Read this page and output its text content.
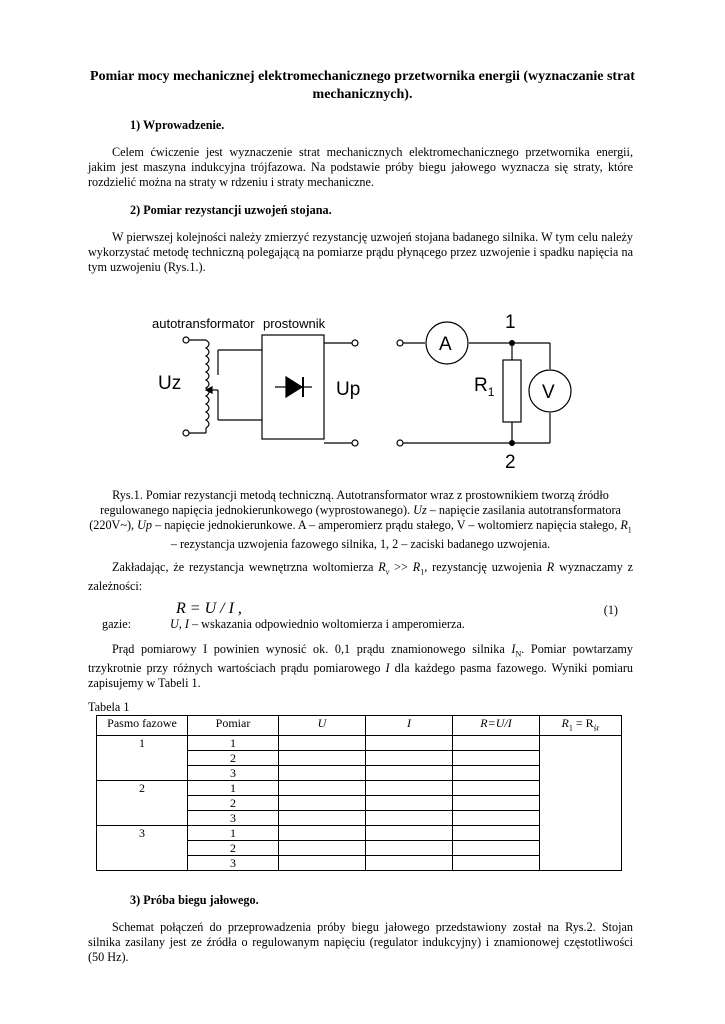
Pomiar mocy mechanicznej elektromechanicznego przetwornika energii (wyznaczanie strat mechanicznych).
1) Wprowadzenie.
Celem ćwiczenie jest wyznaczenie strat mechanicznych elektromechanicznego przetwornika energii, jakim jest maszyna indukcyjna trójfazowa. Na podstawie próby biegu jałowego wyznacza się straty, które rozdzielić można na straty w rdzeniu i straty mechaniczne.
2) Pomiar rezystancji uzwojeń stojana.
W pierwszej kolejności należy zmierzyć rezystancję uzwojeń stojana badanego silnika. W tym celu należy wykorzystać metodę techniczną polegającą na pomiarze prądu płynącego przez uzwojenie i spadku napięcia na tym uzwojeniu (Rys.1.).
autotransformator prostownik
Uz	Up
A
V
$R_1$
1
2
Rys.1. Pomiar rezystancji metodą techniczną. Autotransformator wraz z prostownikiem tworzą źródło
regulowanego napięcia jednokierunkowego (wyprostowanego). Uz – napięcie zasilania autotransformatora
(220V~), Up – napięcie jednokierunkowe. A – amperomierz prądu stałego, V – woltomierz napięcia stałego, $R_1$
– rezystancja uzwojenia fazowego silnika, 1, 2 – zaciski badanego uzwojenia.
Zakładając, że rezystancja wewnętrzna woltomierza $R_v >> R_1$, rezystancję uzwojenia R wyznaczamy z zależności:
R = U / I ,	(1)
gazie:	U, I – wskazania odpowiednio woltomierza i amperomierza.
Prąd pomiarowy I powinien wynosić ok. 0,1 prądu znamionowego silnika $I_N$. Pomiar powtarzamy trzykrotnie przy różnych wartościach prądu pomiarowego I dla każdego pasma fazowego. Wyniki pomiaru zapisujemy w Tabeli 1.
Tabela 1
Pasmo fazowe	Pomiar	U	I	R=U/I	$R_1 = R_{śr}$
1	1				
	2				
	3				
2	1				
	2				
	3				
3	1				
	2				
	3				
3) Próba biegu jałowego.
Schemat połączeń do przeprowadzenia próby biegu jałowego przedstawiony został na Rys.2. Stojan silnika zasilany jest ze źródła o regulowanym napięciu (regulator indukcyjny) i znamionowej częstotliwości (50 Hz).
